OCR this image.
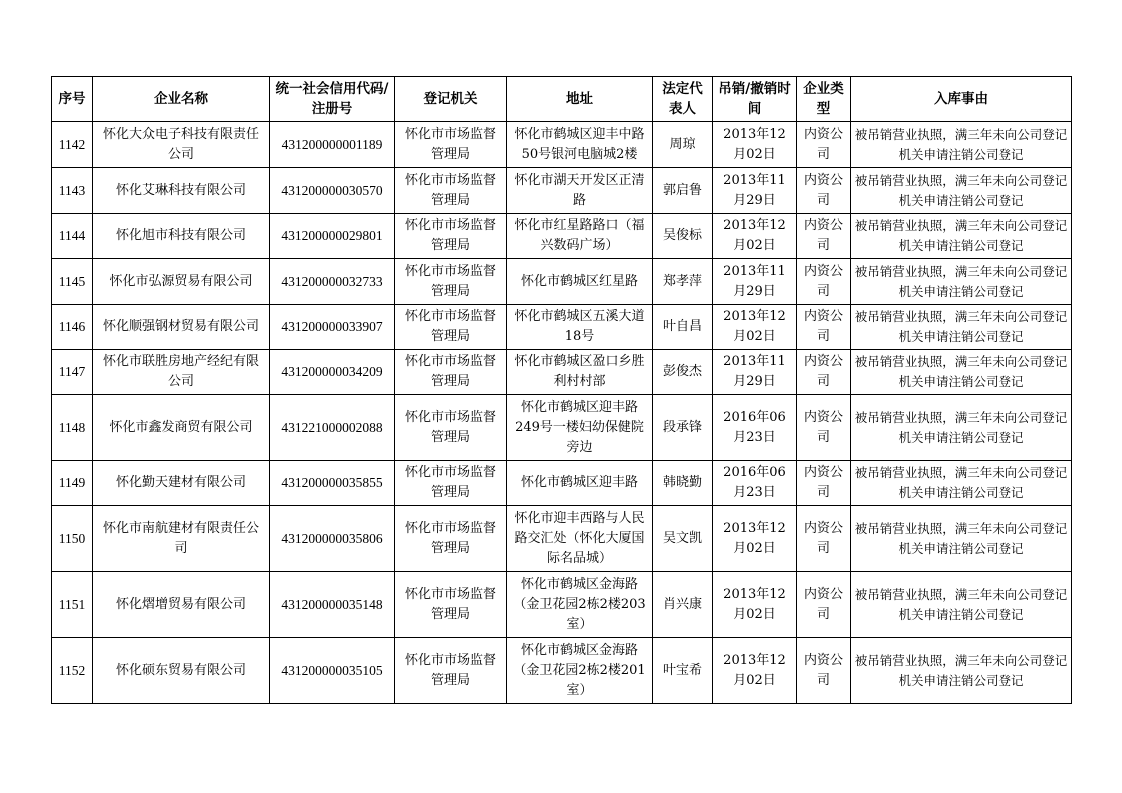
序号	企业名称	统一社会信用代码/注册号	登记机关	地址	法定代表人	吊销/撤销时间	企业类型	入库事由
1142	怀化大众电子科技有限责任公司	431200000001189	怀化市市场监督管理局	怀化市鹤城区迎丰中路50号银河电脑城2楼	周琼	2013年12月02日	内资公司	被吊销营业执照，满三年未向公司登记机关申请注销公司登记
1143	怀化艾琳科技有限公司	431200000030570	怀化市市场监督管理局	怀化市湖天开发区正清路	郭启鲁	2013年11月29日	内资公司	被吊销营业执照，满三年未向公司登记机关申请注销公司登记
1144	怀化旭市科技有限公司	431200000029801	怀化市市场监督管理局	怀化市红星路路口（福兴数码广场）	吴俊标	2013年12月02日	内资公司	被吊销营业执照，满三年未向公司登记机关申请注销公司登记
1145	怀化市弘源贸易有限公司	431200000032733	怀化市市场监督管理局	怀化市鹤城区红星路	郑孝萍	2013年11月29日	内资公司	被吊销营业执照，满三年未向公司登记机关申请注销公司登记
1146	怀化顺强钢材贸易有限公司	431200000033907	怀化市市场监督管理局	怀化市鹤城区五溪大道18号	叶自昌	2013年12月02日	内资公司	被吊销营业执照，满三年未向公司登记机关申请注销公司登记
1147	怀化市联胜房地产经纪有限公司	431200000034209	怀化市市场监督管理局	怀化市鹤城区盈口乡胜利村村部	彭俊杰	2013年11月29日	内资公司	被吊销营业执照，满三年未向公司登记机关申请注销公司登记
1148	怀化市鑫发商贸有限公司	431221000002088	怀化市市场监督管理局	怀化市鹤城区迎丰路249号一楼妇幼保健院旁边	段承锋	2016年06月23日	内资公司	被吊销营业执照，满三年未向公司登记机关申请注销公司登记
1149	怀化勤天建材有限公司	431200000035855	怀化市市场监督管理局	怀化市鹤城区迎丰路	韩晓勤	2016年06月23日	内资公司	被吊销营业执照，满三年未向公司登记机关申请注销公司登记
1150	怀化市南航建材有限责任公司	431200000035806	怀化市市场监督管理局	怀化市迎丰西路与人民路交汇处（怀化大厦国际名品城）	吴文凯	2013年12月02日	内资公司	被吊销营业执照，满三年未向公司登记机关申请注销公司登记
1151	怀化熠增贸易有限公司	431200000035148	怀化市市场监督管理局	怀化市鹤城区金海路（金卫花园2栋2楼203室）	肖兴康	2013年12月02日	内资公司	被吊销营业执照，满三年未向公司登记机关申请注销公司登记
1152	怀化硕东贸易有限公司	431200000035105	怀化市市场监督管理局	怀化市鹤城区金海路（金卫花园2栋2楼201室）	叶宝希	2013年12月02日	内资公司	被吊销营业执照，满三年未向公司登记机关申请注销公司登记
